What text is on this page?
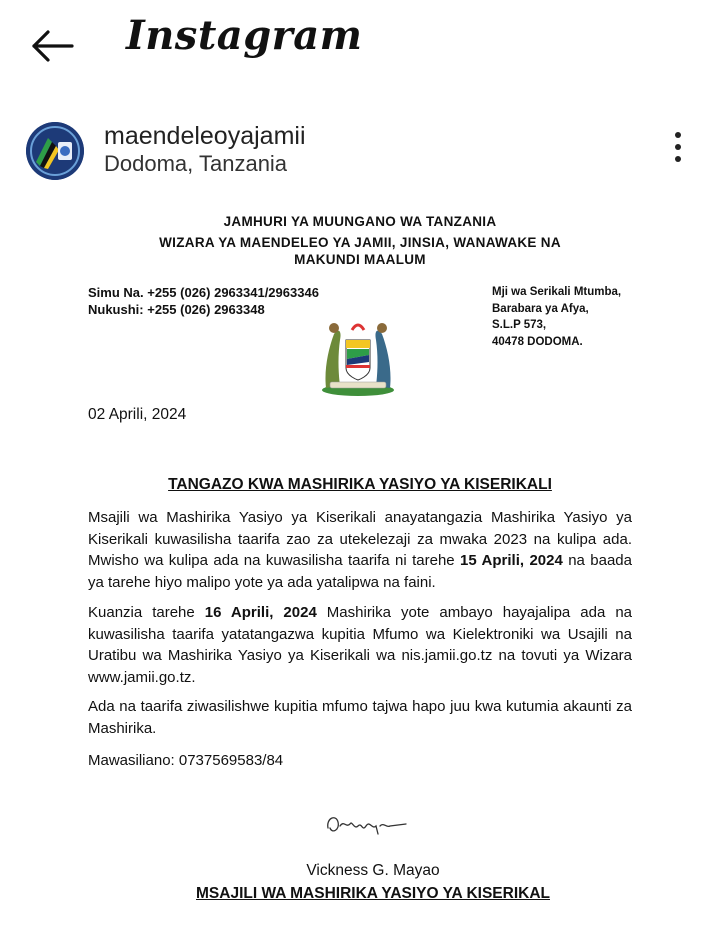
Instagram
maendeleoyajamii
Dodoma, Tanzania
JAMHURI YA MUUNGANO WA TANZANIA
WIZARA YA MAENDELEO YA JAMII, JINSIA, WANAWAKE NA
MAKUNDI MAALUM
Simu Na. +255 (026) 2963341/2963346
Nukushi: +255 (026) 2963348
Mji wa Serikali Mtumba,
Barabara ya Afya,
S.L.P 573,
40478 DODOMA.
02 Aprili, 2024
TANGAZO KWA MASHIRIKA YASIYO YA KISERIKALI

Msajili wa Mashirika Yasiyo ya Kiserikali anayatangazia Mashirika Yasiyo ya Kiserikali kuwasilisha taarifa zao za utekelezaji za mwaka 2023 na kulipa ada. Mwisho wa kulipa ada na kuwasilisha taarifa ni tarehe 15 Aprili, 2024 na baada ya tarehe hiyo malipo yote ya ada yatalipwa na faini.

Kuanzia tarehe 16 Aprili, 2024 Mashirika yote ambayo hayajalipa ada na kuwasilisha taarifa yatatangazwa kupitia Mfumo wa Kielektroniki wa Usajili na Uratibu wa Mashirika Yasiyo ya Kiserikali wa nis.jamii.go.tz na tovuti ya Wizara www.jamii.go.tz.

Ada na taarifa ziwasilishwe kupitia mfumo tajwa hapo juu kwa kutumia akaunti za Mashirika.

Mawasiliano: 0737569583/84

Vickness G. Mayao
MSAJILI WA MASHIRIKA YASIYO YA KISERIKAL
